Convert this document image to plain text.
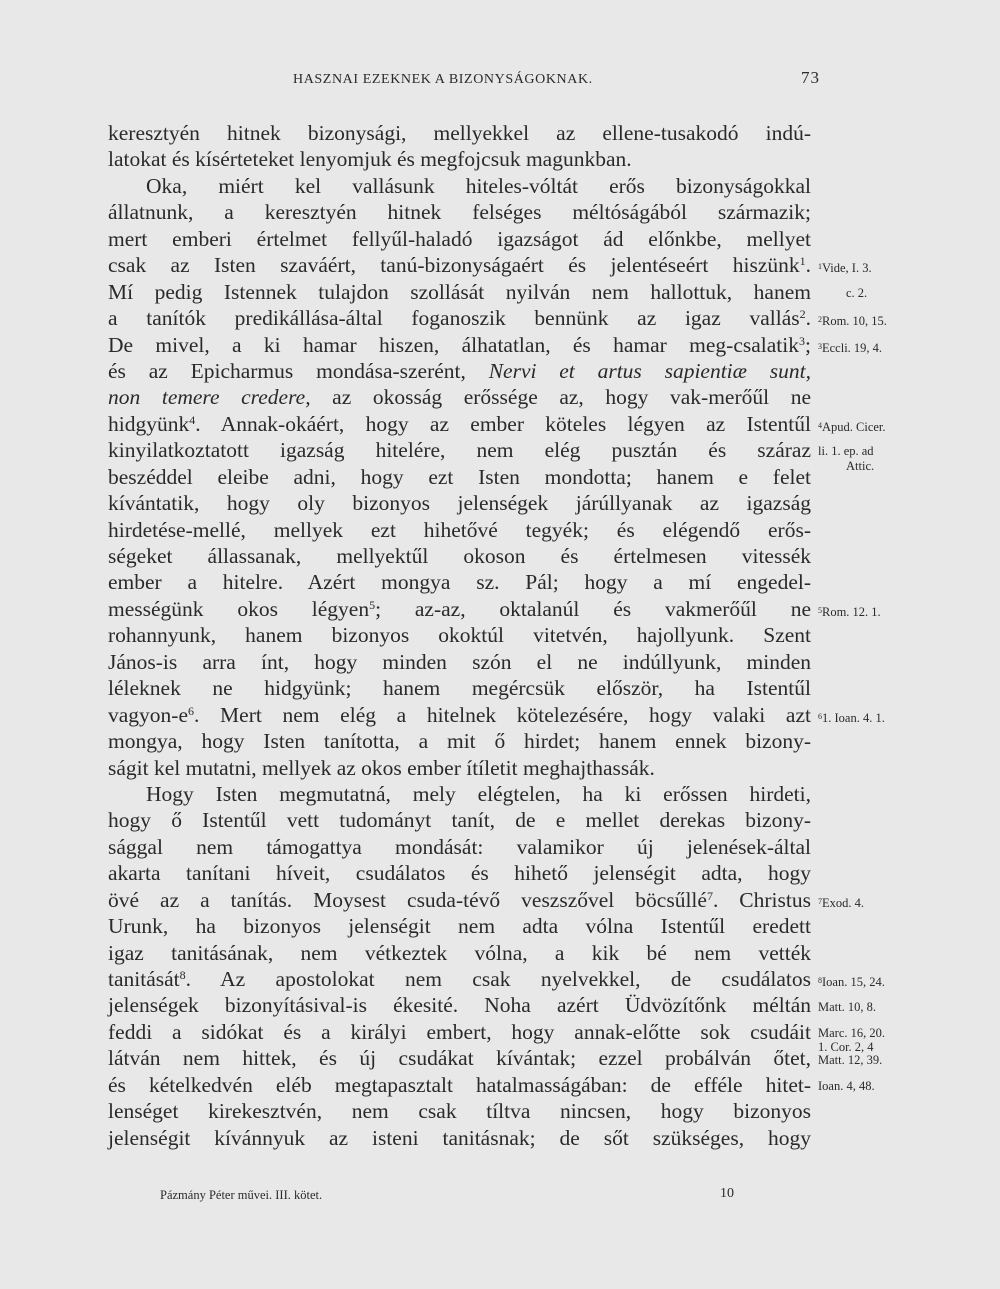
HASZNAI EZEKNEK A BIZONYSÁGOKNAK.	73
keresztyén hitnek bizonysági, mellyekkel az ellene-tusakodó indú-
latokat és kísérteteket lenyomjuk és megfojcsuk magunkban.
Oka, miért kel vallásunk hiteles-vóltát erős bizonyságokkal
állatnunk, a keresztyén hitnek felséges méltóságából származik;
mert emberi értelmet fellyűl-haladó igazságot ád előnkbe, mellyet
csak az Isten szaváért, tanú-bizonyságaért és jelentéseért hiszünk$^1$.
Mí pedig Istennek tulajdon szollását nyilván nem hallottuk, hanem
a tanítók predikállása-által foganoszik bennünk az igaz vallás$^2$.
De mivel, a ki hamar hiszen, álhatatlan, és hamar meg-csalatik$^3$;
és az Epicharmus mondása-szerént, Nervi et artus sapientiæ sunt,
non temere credere, az okosság erőssége az, hogy vak-merőűl ne
hidgyünk$^4$. Annak-okáért, hogy az ember köteles légyen az Istentűl
kinyilatkoztatott igazság hitelére, nem elég pusztán és száraz
beszéddel eleibe adni, hogy ezt Isten mondotta; hanem e felet
kívántatik, hogy oly bizonyos jelenségek járúllyanak az igazság
hirdetése-mellé, mellyek ezt hihetővé tegyék; és elégendő erős-
ségeket állassanak, mellyektűl okoson és értelmesen vitessék
ember a hitelre. Azért mongya sz. Pál; hogy a mí engedel-
mességünk okos légyen$^5$; az-az, oktalanúl és vakmerőűl ne
rohannyunk, hanem bizonyos okoktúl vitetvén, hajollyunk. Szent
János-is arra ínt, hogy minden szón el ne indúllyunk, minden
léleknek ne hidgyünk; hanem megércsük először, ha Istentűl
vagyon-$e^6$. Mert nem elég a hitelnek kötelezésére, hogy valaki azt
mongya, hogy Isten tanította, a mit ő hirdet; hanem ennek bizony-
ságit kel mutatni, mellyek az okos ember ítíletit meghajthassák.
Hogy Isten megmutatná, mely elégtelen, ha ki erőssen hirdeti,
hogy ő Istentűl vett tudományt tanít, de e mellet derekas bizony-
sággal nem támogattya mondását: valamikor új jelenések-által
akarta tanítani híveit, csudálatos és hihető jelenségit adta, hogy
övé az a tanítás. Moysest csuda-tévő veszszővel böcsűllé$^7$. Christus
Urunk, ha bizonyos jelenségit nem adta vólna Istentűl eredett
igaz tanitásának, nem vétkeztek vólna, a kik bé nem vették
tanitását$^8$. Az apostolokat nem csak nyelvekkel, de csudálatos
jelenségek bizonyításival-is ékesité. Noha azért Üdvözítőnk méltán
feddi a sidókat és a királyi embert, hogy annak-előtte sok csudáit
látván nem hittek, és új csudákat kívántak; ezzel probálván őtet,
és kételkedvén eléb megtapasztalt hatalmasságában: de efféle hitet-
lenséget kirekesztvén, nem csak tíltva nincsen, hogy bizonyos
jelenségit kívánnyuk az isteni tanitásnak; de sőt szükséges, hogy
$^1$Vide, I. 3.
c. 2.
$^2$Rom. 10, 15.
$^3$Eccli. 19, 4.
$^4$Apud. Cicer.
li. 1. ep. ad
Attic.
$^5$Rom. 12. 1.
$^6$1. Ioan. 4. 1.
$^7$Exod. 4.
$^8$Ioan. 15, 24.
Matt. 10, 8.
Marc. 16, 20.
1. Cor. 2, 4
Matt. 12, 39.
Ioan. 4, 48.
Pázmány Péter művei. III. kötet.	10
